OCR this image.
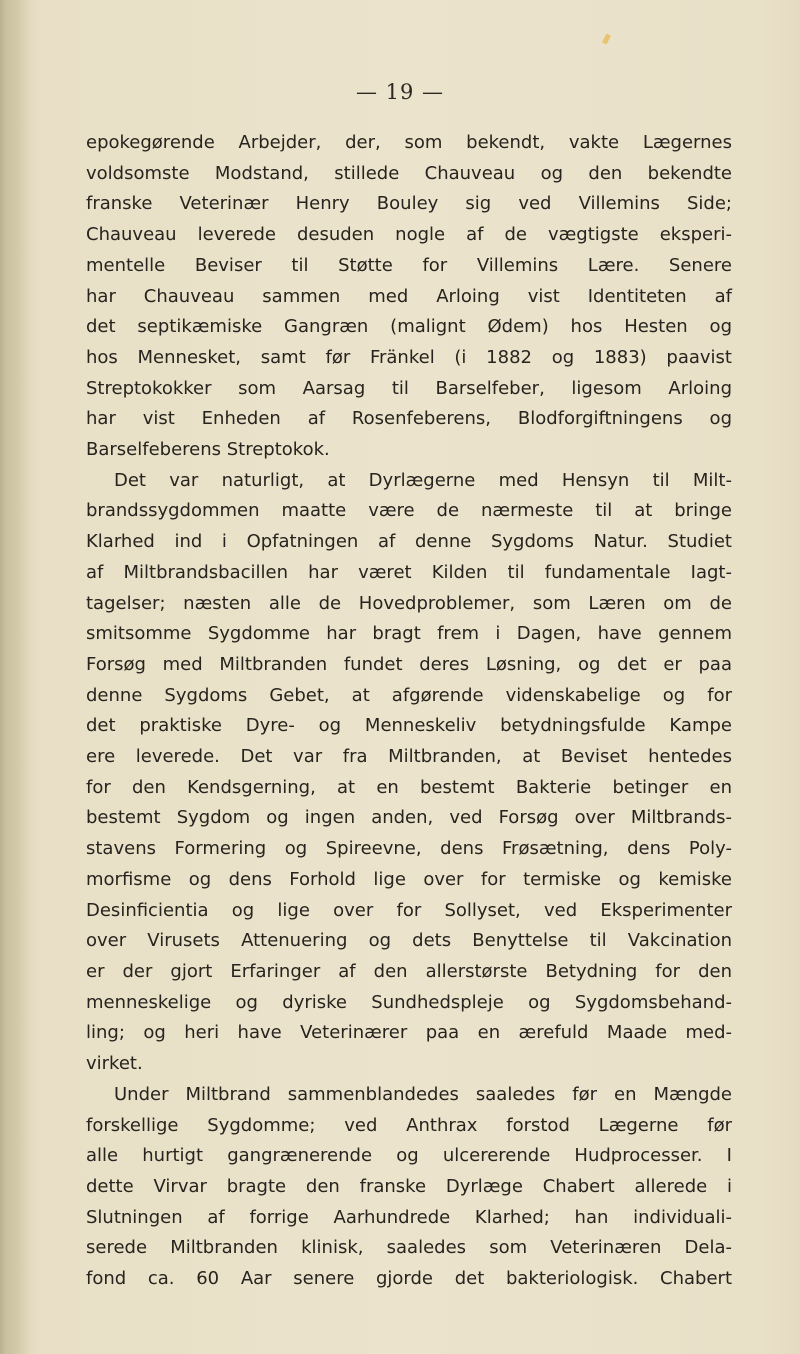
— 19 —
epokegørende Arbejder, der, som bekendt, vakte Lægernes
voldsomste Modstand, stillede Chauveau og den bekendte
franske Veterinær Henry Bouley sig ved Villemins Side;
Chauveau leverede desuden nogle af de vægtigste eksperi-
mentelle Beviser til Støtte for Villemins Lære. Senere
har Chauveau sammen med Arloing vist Identiteten af
det septikæmiske Gangræn (malignt Ødem) hos Hesten og
hos Mennesket, samt før Fränkel (i 1882 og 1883) paavist
Streptokokker som Aarsag til Barselfeber, ligesom Arloing
har vist Enheden af Rosenfeberens, Blodforgiftningens og
Barselfeberens Streptokok.
Det var naturligt, at Dyrlægerne med Hensyn til Milt-
brandssygdommen maatte være de nærmeste til at bringe
Klarhed ind i Opfatningen af denne Sygdoms Natur. Studiet
af Miltbrandsbacillen har været Kilden til fundamentale Iagt-
tagelser; næsten alle de Hovedproblemer, som Læren om de
smitsomme Sygdomme har bragt frem i Dagen, have gennem
Forsøg med Miltbranden fundet deres Løsning, og det er paa
denne Sygdoms Gebet, at afgørende videnskabelige og for
det praktiske Dyre- og Menneskeliv betydningsfulde Kampe
ere leverede. Det var fra Miltbranden, at Beviset hentedes
for den Kendsgerning, at en bestemt Bakterie betinger en
bestemt Sygdom og ingen anden, ved Forsøg over Miltbrands-
stavens Formering og Spireevne, dens Frøsætning, dens Poly-
morfisme og dens Forhold lige over for termiske og kemiske
Desinficientia og lige over for Sollyset, ved Eksperimenter
over Virusets Attenuering og dets Benyttelse til Vakcination
er der gjort Erfaringer af den allerstørste Betydning for den
menneskelige og dyriske Sundhedspleje og Sygdomsbehand-
ling; og heri have Veterinærer paa en ærefuld Maade med-
virket.
Under Miltbrand sammenblandedes saaledes før en Mængde
forskellige Sygdomme; ved Anthrax forstod Lægerne før
alle hurtigt gangrænerende og ulcererende Hudprocesser. I
dette Virvar bragte den franske Dyrlæge Chabert allerede i
Slutningen af forrige Aarhundrede Klarhed; han individuali-
serede Miltbranden klinisk, saaledes som Veterinæren Dela-
fond ca. 60 Aar senere gjorde det bakteriologisk. Chabert
